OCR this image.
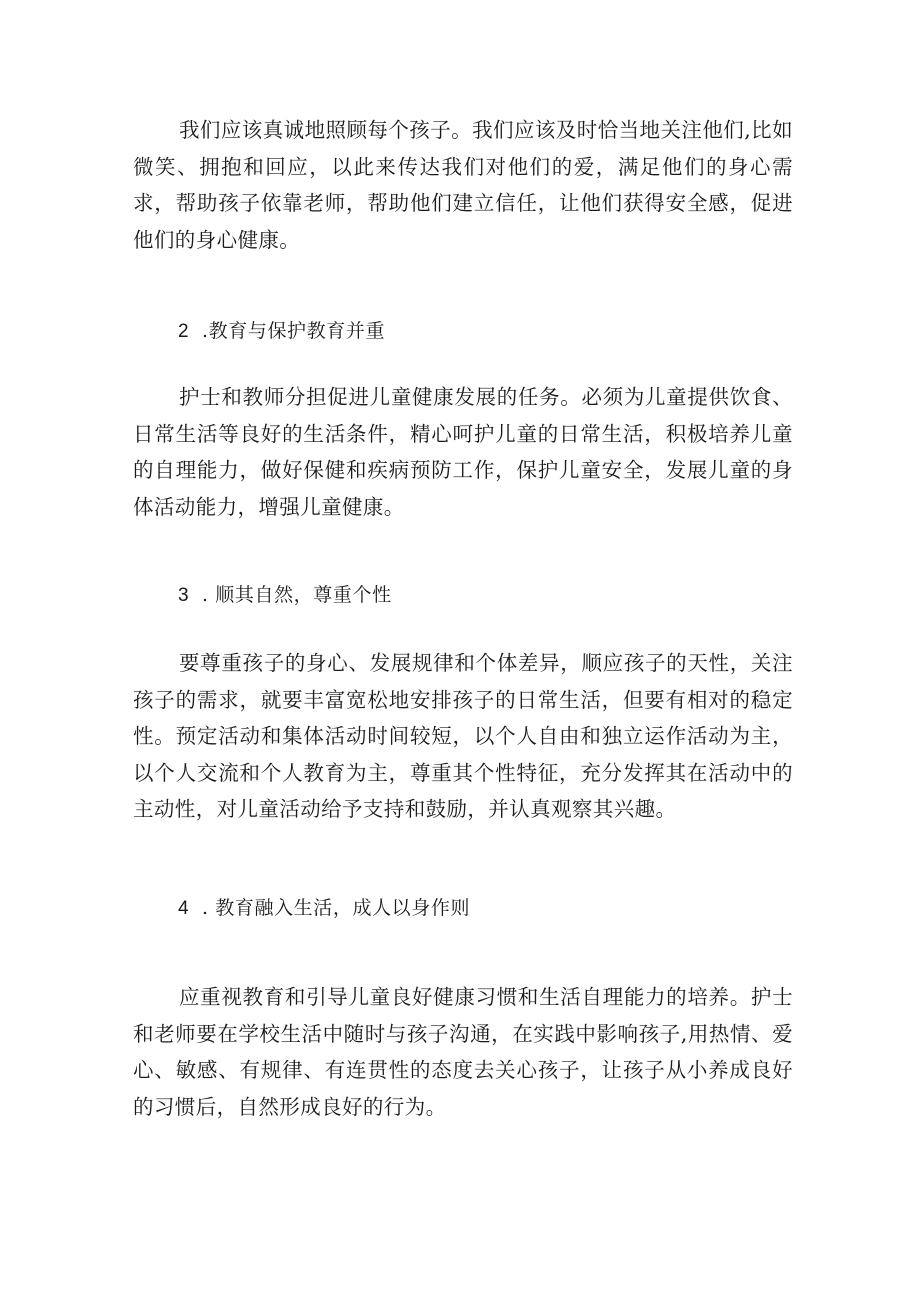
我们应该真诚地照顾每个孩子。我们应该及时恰当地关注他们,比如微笑、拥抱和回应，以此来传达我们对他们的爱，满足他们的身心需求，帮助孩子依靠老师，帮助他们建立信任，让他们获得安全感，促进他们的身心健康。

2 .教育与保护教育并重

护士和教师分担促进儿童健康发展的任务。必须为儿童提供饮食、日常生活等良好的生活条件，精心呵护儿童的日常生活，积极培养儿童的自理能力，做好保健和疾病预防工作，保护儿童安全，发展儿童的身体活动能力，增强儿童健康。

3 . 顺其自然，尊重个性

要尊重孩子的身心、发展规律和个体差异，顺应孩子的天性，关注孩子的需求，就要丰富宽松地安排孩子的日常生活，但要有相对的稳定性。预定活动和集体活动时间较短，以个人自由和独立运作活动为主，以个人交流和个人教育为主，尊重其个性特征，充分发挥其在活动中的主动性，对儿童活动给予支持和鼓励，并认真观察其兴趣。

4 . 教育融入生活，成人以身作则

应重视教育和引导儿童良好健康习惯和生活自理能力的培养。护士和老师要在学校生活中随时与孩子沟通，在实践中影响孩子,用热情、爱心、敏感、有规律、有连贯性的态度去关心孩子，让孩子从小养成良好的习惯后，自然形成良好的行为。
